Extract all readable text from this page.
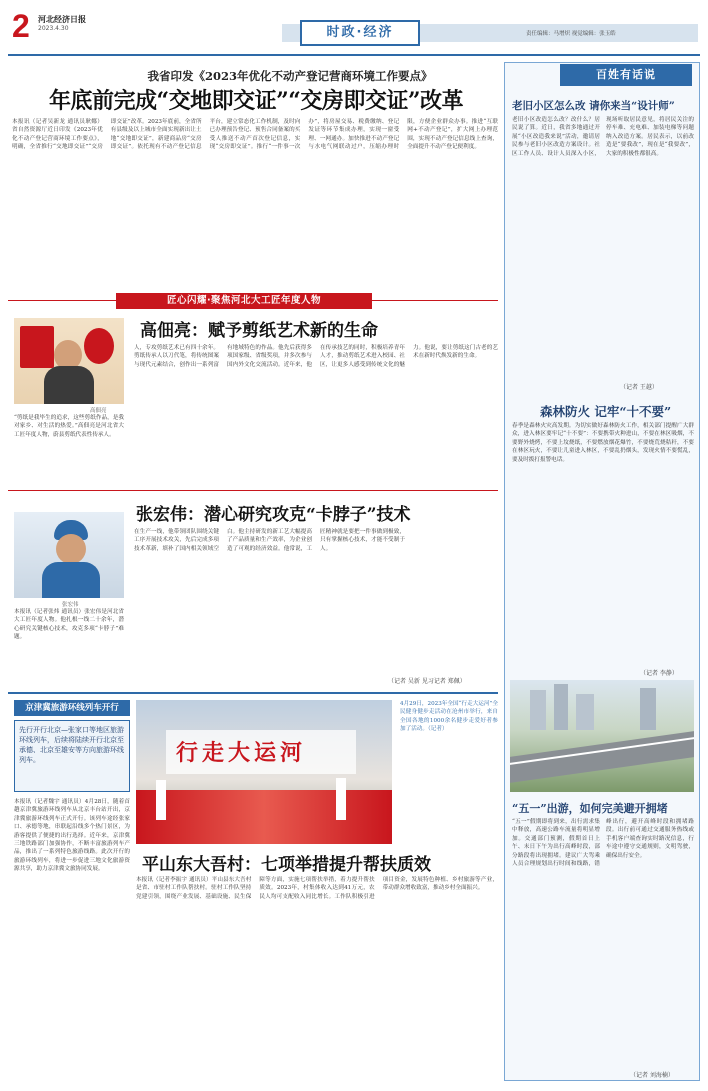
2 河北经济日报
2023.4.30	时政·经济	责任编辑：马增炽 视觉编辑：张玉皓
我省印发《2023年优化不动产登记营商环境工作要点》
年底前完成“交地即交证”“交房即交证”改革
本报讯（记者吴新龙 通讯员耿娜）省自然资源厅近日印发《2023年优化不动产登记营商环境工作要点》，明确，全省推行“交地即交证”“交房即交证”改革。2023年底前，全省所有县级及以上城市全面实现新出让土地“交地即交证”，新建商品房“交房即交证”。依托现有不动产登记信息平台，建立常态化工作机制，及时向已办理预告登记、预售合同备案的买受人推送不动产首次登记信息，实现“交房即交证”。推行“一件事一次办”，将房屋交易、税费缴纳、登记发证等环节集成办理，实现一窗受理、一网通办。加快推进不动产登记与水电气网联动过户，压缩办理时限，方便企业群众办事。推进“互联网+不动产登记”，扩大网上办理范围，实现不动产登记信息线上查询，全面提升不动产登记便利度。
匠心闪耀·聚焦河北大工匠年度人物
高佃亮
“剪纸是我毕生的追求，这些剪纸作品，是我对家乡、对生活的热爱。”高佃亮是河北省大工匠年度人物，蔚县剪纸代表性传承人。
高佃亮：赋予剪纸艺术新的生命
人，专攻剪纸艺术已有四十余年。剪纸传承人以刀代笔，将传统图案与现代元素结合，创作出一系列富有地域特色的作品。他先后获得多项国家级、省级奖项，并多次参与国内外文化交流活动。近年来，他在传承技艺的同时，积极培养青年人才，推动剪纸艺术进入校园、社区，让更多人感受到传统文化的魅力。他说，要让剪纸这门古老的艺术在新时代焕发新的生命。
张宏伟：潜心研究攻克“卡脖子”技术
张宏伟
本报讯（记者张炜 通讯员）张宏伟是河北省大工匠年度人物。他扎根一线二十余年，潜心研究关键核心技术，攻克多项“卡脖子”难题。
在生产一线，他带领团队围绕关键工序开展技术攻关，先后完成多项技术革新，填补了国内相关领域空白。他主持研发的新工艺大幅提高了产品质量和生产效率，为企业创造了可观的经济效益。他常说，工匠精神就是要把一件事做到极致，只有掌握核心技术，才能不受制于人。
（记者 吴新 见习记者 郑佩）
京津冀旅游环线列车开行
先行开行北京—张家口等地区旅游环线列车，后续将陆续开行北京至承德、北京至雄安等方向旅游环线列车。
本报讯（记者魏宇 通讯员）4月28日，随着首趟京津冀旅游环线列车从北京丰台站开出，京津冀旅游环线列车正式开行。该列车途经张家口、承德等地，串联起沿线多个热门景区，为游客提供了便捷的出行选择。近年来，京津冀三地铁路部门加强协作，不断丰富旅游列车产品，推出了一系列特色旅游线路。此次开行的旅游环线列车，将进一步促进三地文化旅游资源共享，助力京津冀文旅协同发展。
行走大运河
4月29日，2023年全国“行走大运河”全民健身健步走活动在沧州市举行，来自全国各地的1000余名健步走爱好者参加了活动。（记者）
平山东大吾村：七项举措提升帮扶质效
本报讯（记者李振宇 通讯员）平山县东大吾村是省、市驻村工作队帮扶村。驻村工作队坚持党建引领，围绕产业发展、基础设施、民生保障等方面，实施七项帮扶举措，着力提升帮扶质效。2023年，村集体收入达到41万元，农民人均可支配收入同比增长。工作队积极引进项目资金，发展特色种植、乡村旅游等产业，带动群众增收致富，推动乡村全面振兴。
百姓有话说
老旧小区怎么改 请你来当“设计师”
老旧小区改造怎么改？改什么？居民说了算。近日，我省多地通过开展“小区改造我来说”活动，邀请居民参与老旧小区改造方案设计。社区工作人员、设计人员深入小区，现场听取居民意见，将居民关注的停车难、充电难、加装电梯等问题纳入改造方案。居民表示，以前改造是“要我改”，现在是“我要改”，大家的积极性都很高。
（记者 王越）
森林防火 记牢“十不要”
春季是森林火灾高发期。为切实做好森林防火工作，相关部门提醒广大群众，进入林区要牢记“十不要”：不要携带火种进山，不要在林区吸烟，不要野外烧烤，不要上坟烧纸，不要燃放烟花爆竹，不要烧荒烧秸秆，不要在林区玩火，不要让儿童进入林区，不要乱扔烟头，发现火情不要慌乱，要及时拨打报警电话。
（记者 李静）
“五一”出游，如何完美避开拥堵
“五一”假期即将到来，出行需求集中释放，高速公路车流量将明显增加。交通部门预测，假期首日上午、末日下午为出行高峰时段，部分路段将出现拥堵。建议广大驾乘人员合理规划出行时间和线路，错峰出行，避开高峰时段和拥堵路段。出行前可通过交通服务热线或手机客户端查询实时路况信息，行车途中遵守交通规则，文明驾驶，确保出行安全。
（记者 刘海楠）
